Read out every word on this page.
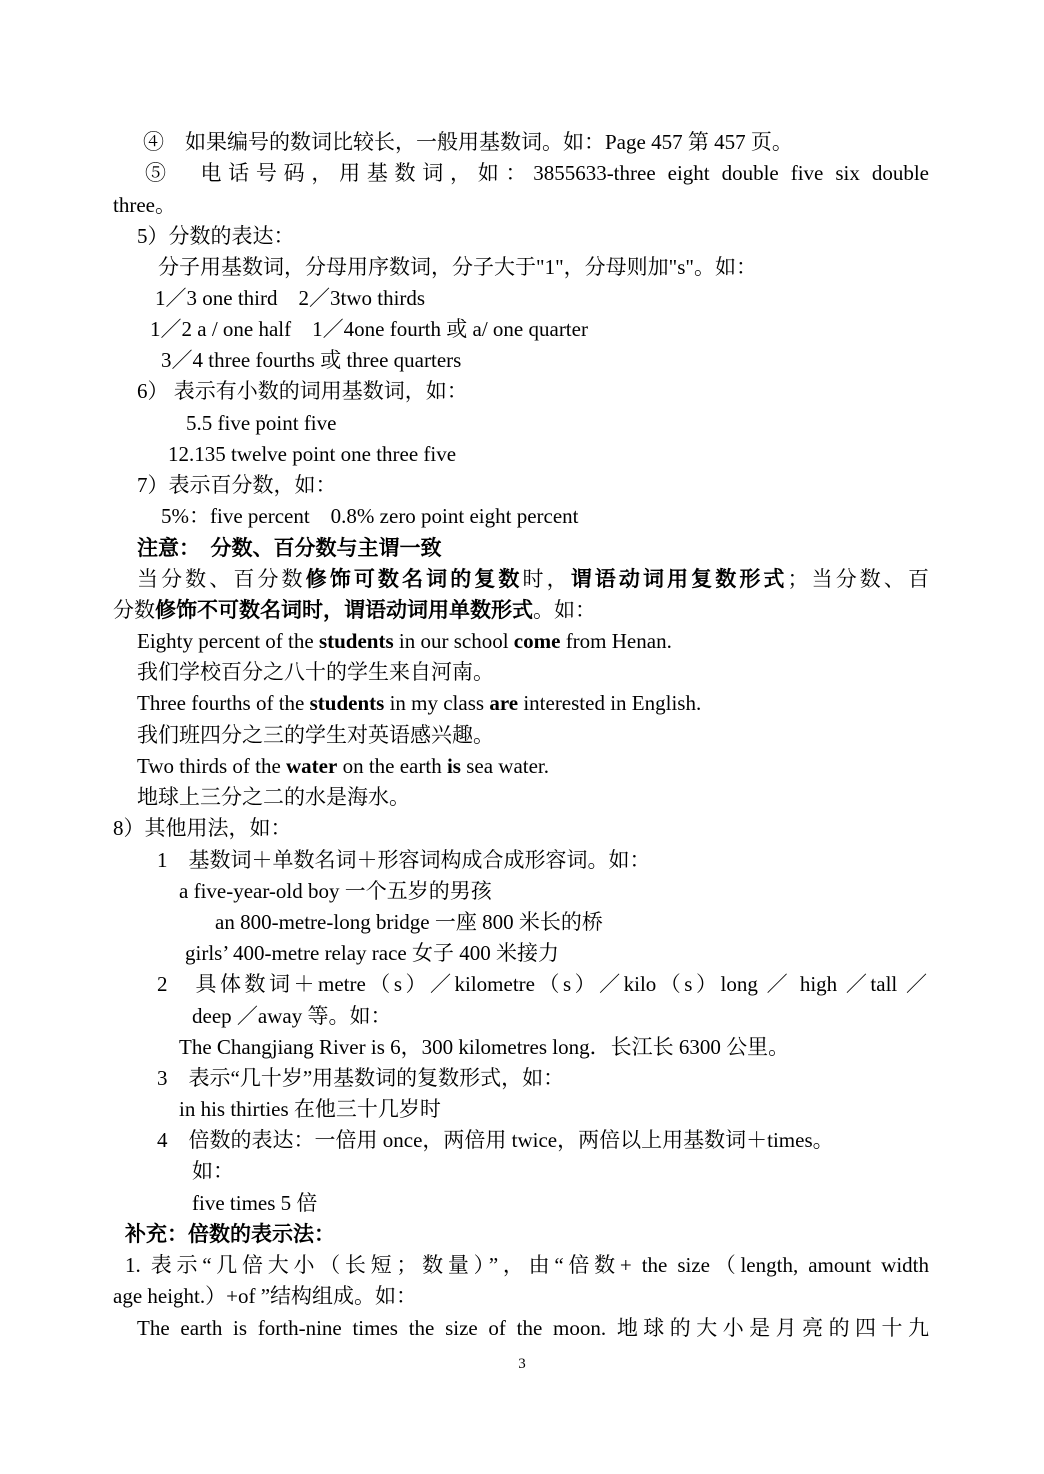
④　如果编号的数词比较长，一般用基数词。如：Page 457 第 457 页。
⑤　电话号码，用基数词，如：3855633-three eight double five six double
three。
5）分数的表达：
分子用基数词，分母用序数词，分子大于"1"，分母则加"s"。如：
1／3 one third　2／3two thirds
1／2 a / one half　1／4one fourth 或 a/ one quarter
3／4 three fourths 或 three quarters
6） 表示有小数的词用基数词，如：
5.5 five point five
12.135 twelve point one three five
7）表示百分数，如：
5%：five percent　0.8% zero point eight percent
注意：　分数、百分数与主谓一致
当分数、百分数修饰可数名词的复数时，谓语动词用复数形式；当分数、百
分数修饰不可数名词时，谓语动词用单数形式。如：
Eighty percent of the students in our school come from Henan.
我们学校百分之八十的学生来自河南。
Three fourths of the students in my class are interested in English.
我们班四分之三的学生对英语感兴趣。
Two thirds of the water on the earth is sea water.
地球上三分之二的水是海水。
8）其他用法，如：
1　基数词＋单数名词＋形容词构成合成形容词。如：
a five-year-old boy 一个五岁的男孩
an 800-metre-long bridge 一座 800 米长的桥
girls’ 400-metre relay race 女子 400 米接力
2　具体数词＋metre（s）／kilometre（s）／kilo（s）long ／ high ／tall ／
deep ／away 等。如：
The Changjiang River is 6，300 kilometres long．长江长 6300 公里。
3　表示“几十岁”用基数词的复数形式，如：
in his thirties 在他三十几岁时
4　倍数的表达：一倍用 once，两倍用 twice，两倍以上用基数词＋times。
如：
five times 5 倍
补充：倍数的表示法：
1. 表示“几倍大小（长短；数量）”，由“倍数+ the size（length, amount width
age height.）+of ”结构组成。如：
The earth is forth-nine times the size of the moon. 地球的大小是月亮的四十九
3
